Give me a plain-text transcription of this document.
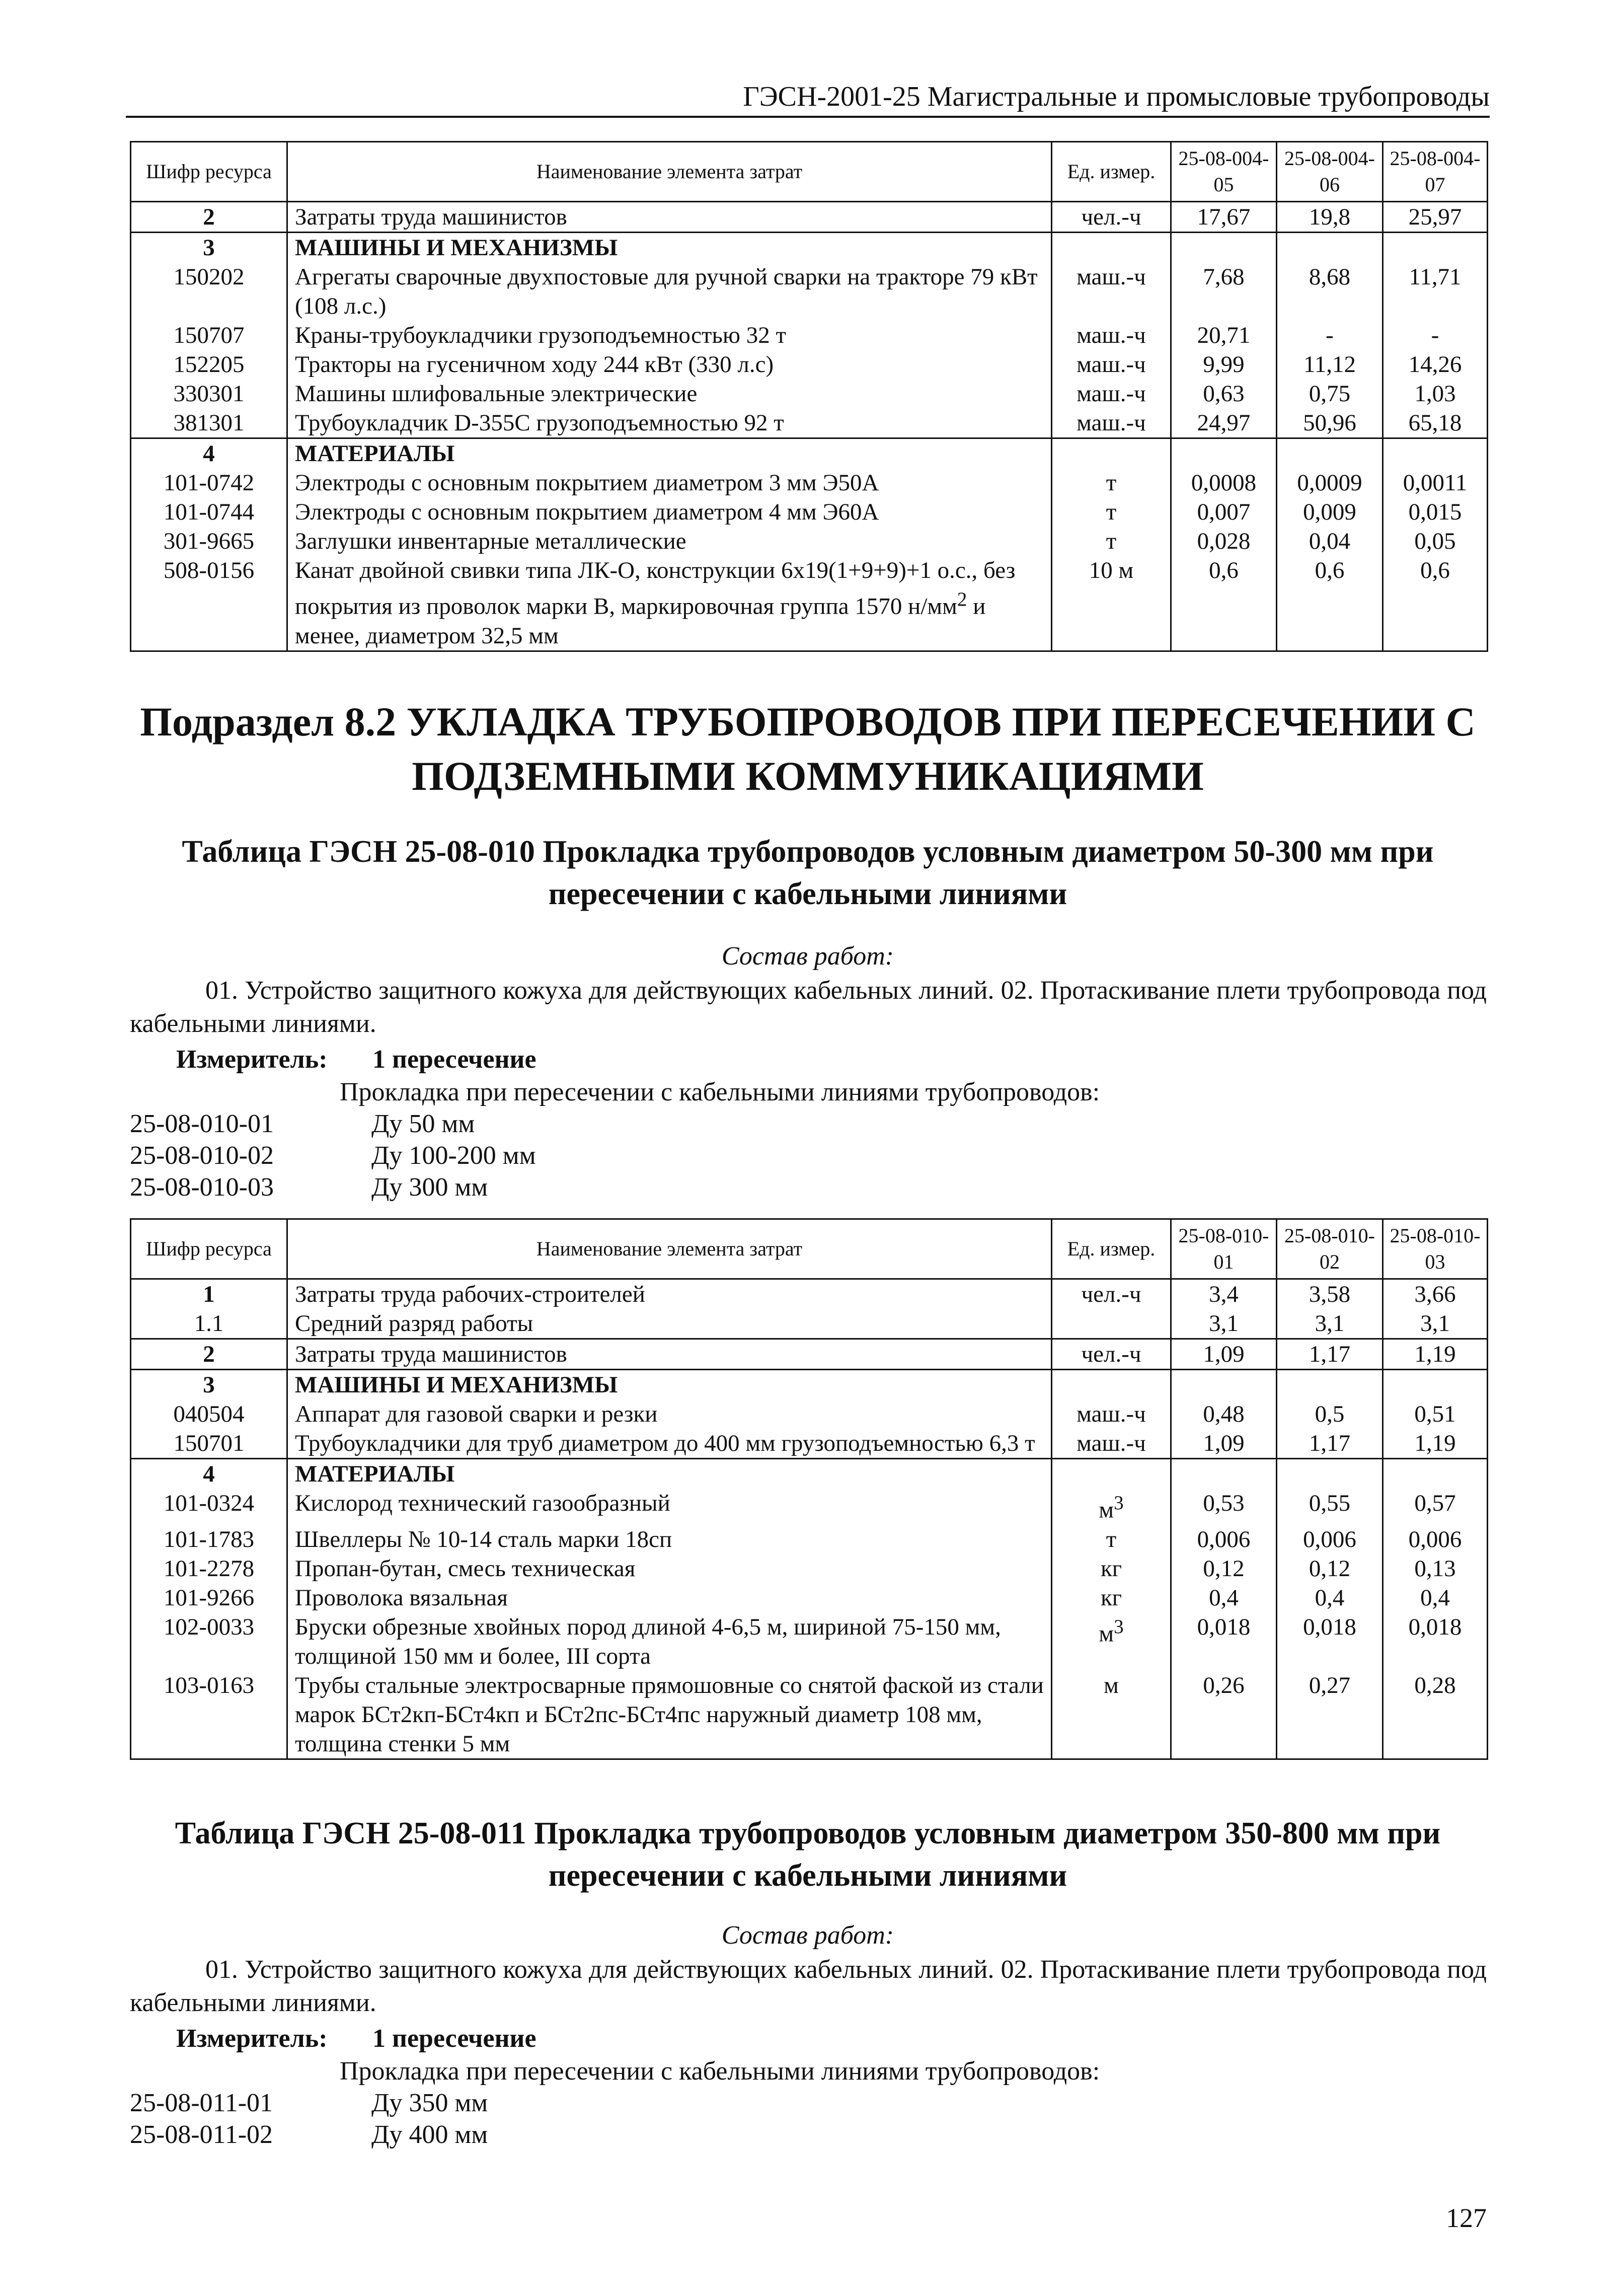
ГЭСН-2001-25 Магистральные и промысловые трубопроводы
Шифр ресурса	Наименование элемента затрат	Ед. измер.	25-08-004-05	25-08-004-06	25-08-004-07
2	Затраты труда машинистов	чел.-ч	17,67	19,8	25,97
3	МАШИНЫ И МЕХАНИЗМЫ				
150202	Агрегаты сварочные двухпостовые для ручной сварки на тракторе 79 кВт (108 л.с.)	маш.-ч	7,68	8,68	11,71
150707	Краны-трубоукладчики грузоподъемностью 32 т	маш.-ч	20,71	-	-
152205	Тракторы на гусеничном ходу 244 кВт (330 л.с)	маш.-ч	9,99	11,12	14,26
330301	Машины шлифовальные электрические	маш.-ч	0,63	0,75	1,03
381301	Трубоукладчик D-355C грузоподъемностью 92 т	маш.-ч	24,97	50,96	65,18
4	МАТЕРИАЛЫ				
101-0742	Электроды с основным покрытием диаметром 3 мм Э50А	т	0,0008	0,0009	0,0011
101-0744	Электроды с основным покрытием диаметром 4 мм Э60А	т	0,007	0,009	0,015
301-9665	Заглушки инвентарные металлические	т	0,028	0,04	0,05
508-0156	Канат двойной свивки типа ЛК-О, конструкции 6х19(1+9+9)+1 о.с., без покрытия из проволок марки В, маркировочная группа 1570 $н/мм^2$ и менее, диаметром 32,5 мм	10 м	0,6	0,6	0,6
Подраздел 8.2 УКЛАДКА ТРУБОПРОВОДОВ ПРИ ПЕРЕСЕЧЕНИИ С ПОДЗЕМНЫМИ КОММУНИКАЦИЯМИ
Таблица ГЭСН 25-08-010 Прокладка трубопроводов условным диаметром 50-300 мм при пересечении с кабельными линиями
Состав работ:
01. Устройство защитного кожуха для действующих кабельных линий. 02. Протаскивание плети трубопровода под кабельными линиями.
Измеритель: 1 пересечение
Прокладка при пересечении с кабельными линиями трубопроводов:
25-08-010-01	Ду 50 мм
25-08-010-02	Ду 100-200 мм
25-08-010-03	Ду 300 мм
Шифр ресурса	Наименование элемента затрат	Ед. измер.	25-08-010-01	25-08-010-02	25-08-010-03
1	Затраты труда рабочих-строителей	чел.-ч	3,4	3,58	3,66
1.1	Средний разряд работы		3,1	3,1	3,1
2	Затраты труда машинистов	чел.-ч	1,09	1,17	1,19
3	МАШИНЫ И МЕХАНИЗМЫ				
040504	Аппарат для газовой сварки и резки	маш.-ч	0,48	0,5	0,51
150701	Трубоукладчики для труб диаметром до 400 мм грузоподъемностью 6,3 т	маш.-ч	1,09	1,17	1,19
4	МАТЕРИАЛЫ				
101-0324	Кислород технический газообразный	$м^3$	0,53	0,55	0,57
101-1783	Швеллеры № 10-14 сталь марки 18сп	т	0,006	0,006	0,006
101-2278	Пропан-бутан, смесь техническая	кг	0,12	0,12	0,13
101-9266	Проволока вязальная	кг	0,4	0,4	0,4
102-0033	Бруски обрезные хвойных пород длиной 4-6,5 м, шириной 75-150 мм, толщиной 150 мм и более, III сорта	$м^3$	0,018	0,018	0,018
103-0163	Трубы стальные электросварные прямошовные со снятой фаской из стали марок БСт2кп-БСт4кп и БСт2пс-БСт4пс наружный диаметр 108 мм, толщина стенки 5 мм	м	0,26	0,27	0,28
Таблица ГЭСН 25-08-011 Прокладка трубопроводов условным диаметром 350-800 мм при пересечении с кабельными линиями
Состав работ:
01. Устройство защитного кожуха для действующих кабельных линий. 02. Протаскивание плети трубопровода под кабельными линиями.
Измеритель: 1 пересечение
Прокладка при пересечении с кабельными линиями трубопроводов:
25-08-011-01	Ду 350 мм
25-08-011-02	Ду 400 мм
127
